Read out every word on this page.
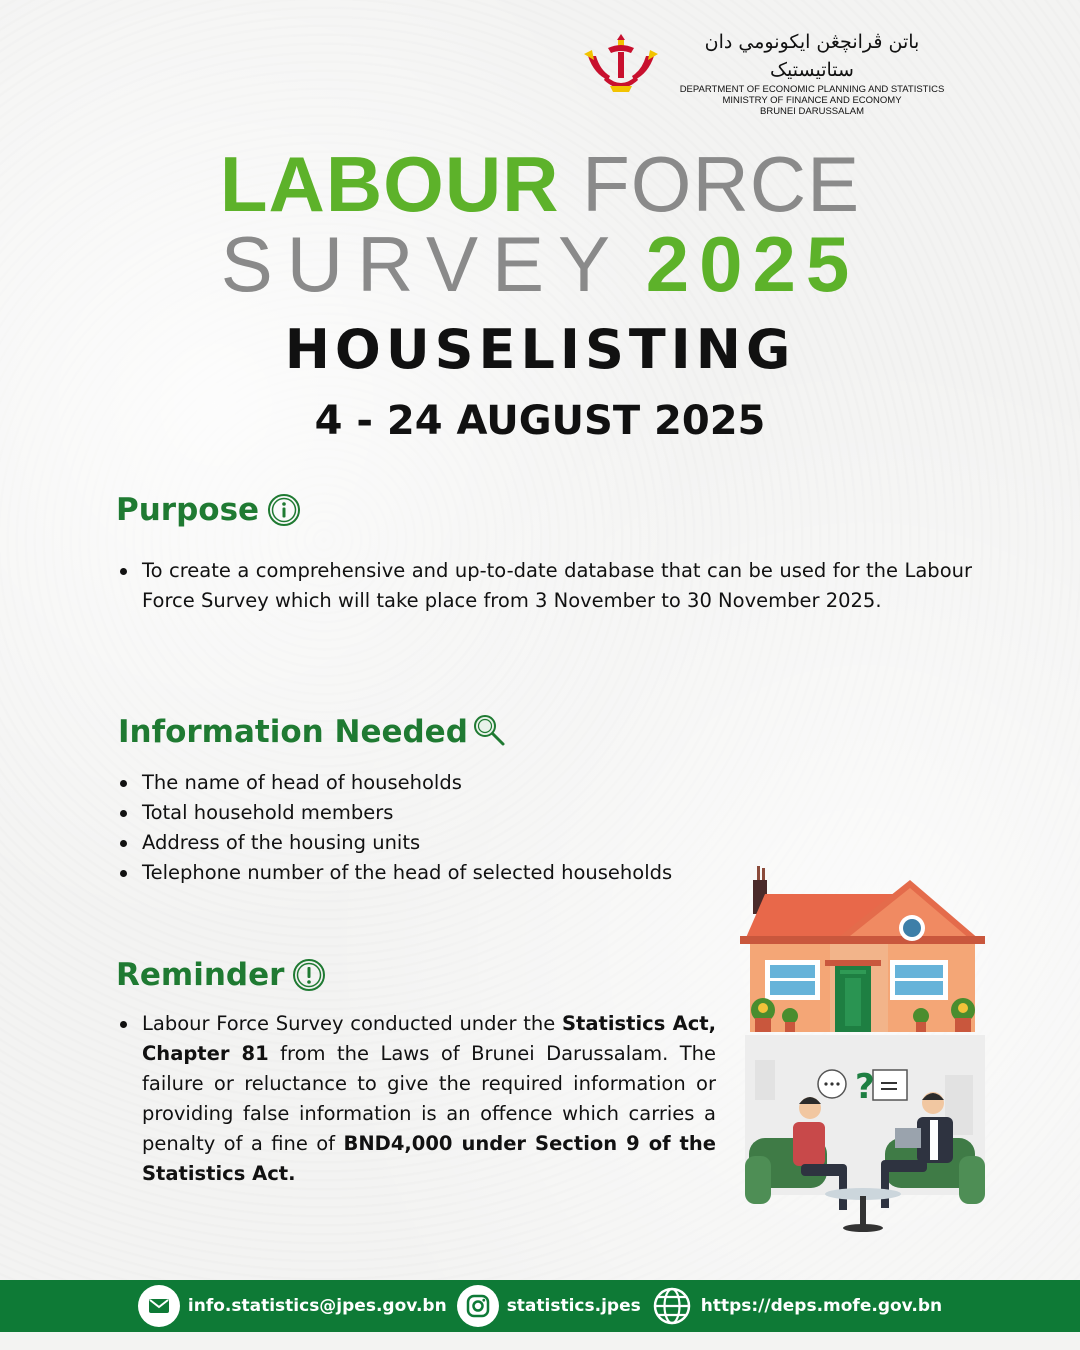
باتن ڤرانچڠن ايكونومي دان ستاتيستيک
DEPARTMENT OF ECONOMIC PLANNING AND STATISTICS
MINISTRY OF FINANCE AND ECONOMY
BRUNEI DARUSSALAM
LABOUR FORCE
SURVEY 2025
HOUSELISTING
4 - 24 AUGUST 2025
Purpose
To create a comprehensive and up-to-date database that can be used for the Labour Force Survey which will take place from 3 November to 30 November 2025.
Information Needed
The name of head of households
Total household members
Address of the housing units
Telephone number of the head of selected households
Reminder
Labour Force Survey conducted under the Statistics Act, Chapter 81 from the Laws of Brunei Darussalam. The failure or reluctance to give the required information or providing false information is an offence which carries a penalty of a fine of BND4,000 under Section 9 of the Statistics Act.
?
info.statistics@jpes.gov.bn	statistics.jpes	https://deps.mofe.gov.bn
